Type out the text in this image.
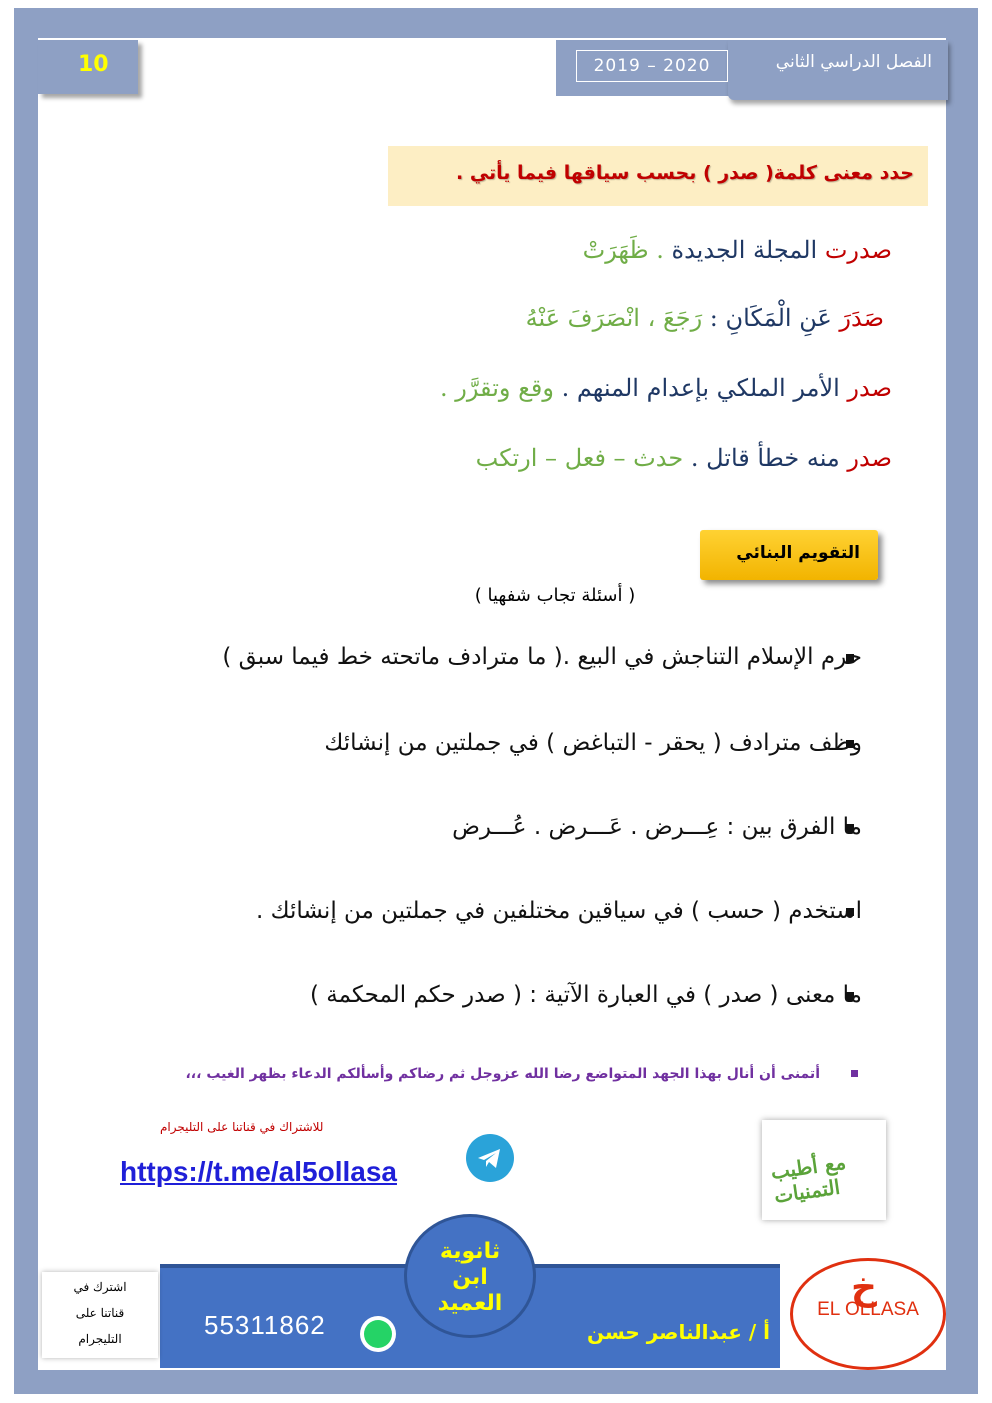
2019 – 2020	الفصل الدراسي الثاني
10
حدد معنى كلمة( صدر ) بحسب سياقها فيما يأتي .
صدرت المجلة الجديدة . ظَهَرَتْ
صَدَرَ عَنِ الْمَكَانِ : رَجَعَ ، انْصَرَفَ عَنْهُ
صدر الأمر الملكي بإعدام المنهم . وقع وتقرَّر .
صدر منه خطأ قاتل . حدث – فعل – ارتكب
التقويم البنائي
( أسئلة تجاب شفهيا )
حرم الإسلام التناجش في البيع .( ما مترادف ماتحته خط فيما سبق )
وظف مترادف ( يحقر - التباغض ) في جملتين من إنشائك
ما الفرق بين : عِـــرض . عَـــرض . عُـــرض
استخدم ( حسب ) في سياقين مختلفين في جملتين من إنشائك .
ما معنى ( صدر ) في العبارة الآتية : ( صدر حكم المحكمة )
أتمنى أن أنال بهذا الجهد المتواضع رضا الله عزوجل ثم رضاكم وأسألكم الدعاء بظهر الغيب ،،،
للاشتراك في قناتنا على التليجرام
https://t.me/al5ollasa	مع أطيب التمنيات
55311862	أ / عبدالناصر حسن
ثانوية
ابن
العميد	خ
EL OLLASA
اشترك في
قناتنا على
التليجرام
